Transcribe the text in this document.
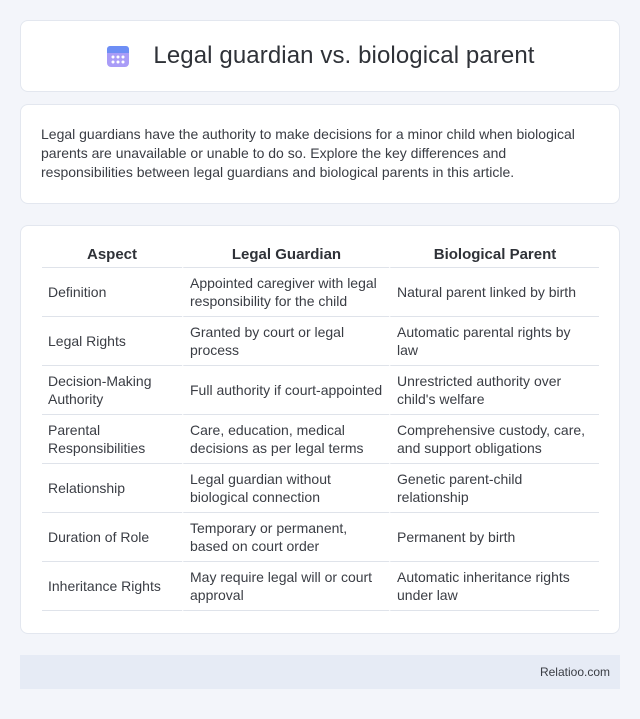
Legal guardian vs. biological parent

Legal guardians have the authority to make decisions for a minor child when biological parents are unavailable or unable to do so. Explore the key differences and responsibilities between legal guardians and biological parents in this article.

Aspect	Legal Guardian	Biological Parent
Definition	Appointed caregiver with legal responsibility for the child	Natural parent linked by birth
Legal Rights	Granted by court or legal process	Automatic parental rights by law
Decision-Making Authority	Full authority if court-appointed	Unrestricted authority over child's welfare
Parental Responsibilities	Care, education, medical decisions as per legal terms	Comprehensive custody, care, and support obligations
Relationship	Legal guardian without biological connection	Genetic parent-child relationship
Duration of Role	Temporary or permanent, based on court order	Permanent by birth
Inheritance Rights	May require legal will or court approval	Automatic inheritance rights under law
Relatioo.com
